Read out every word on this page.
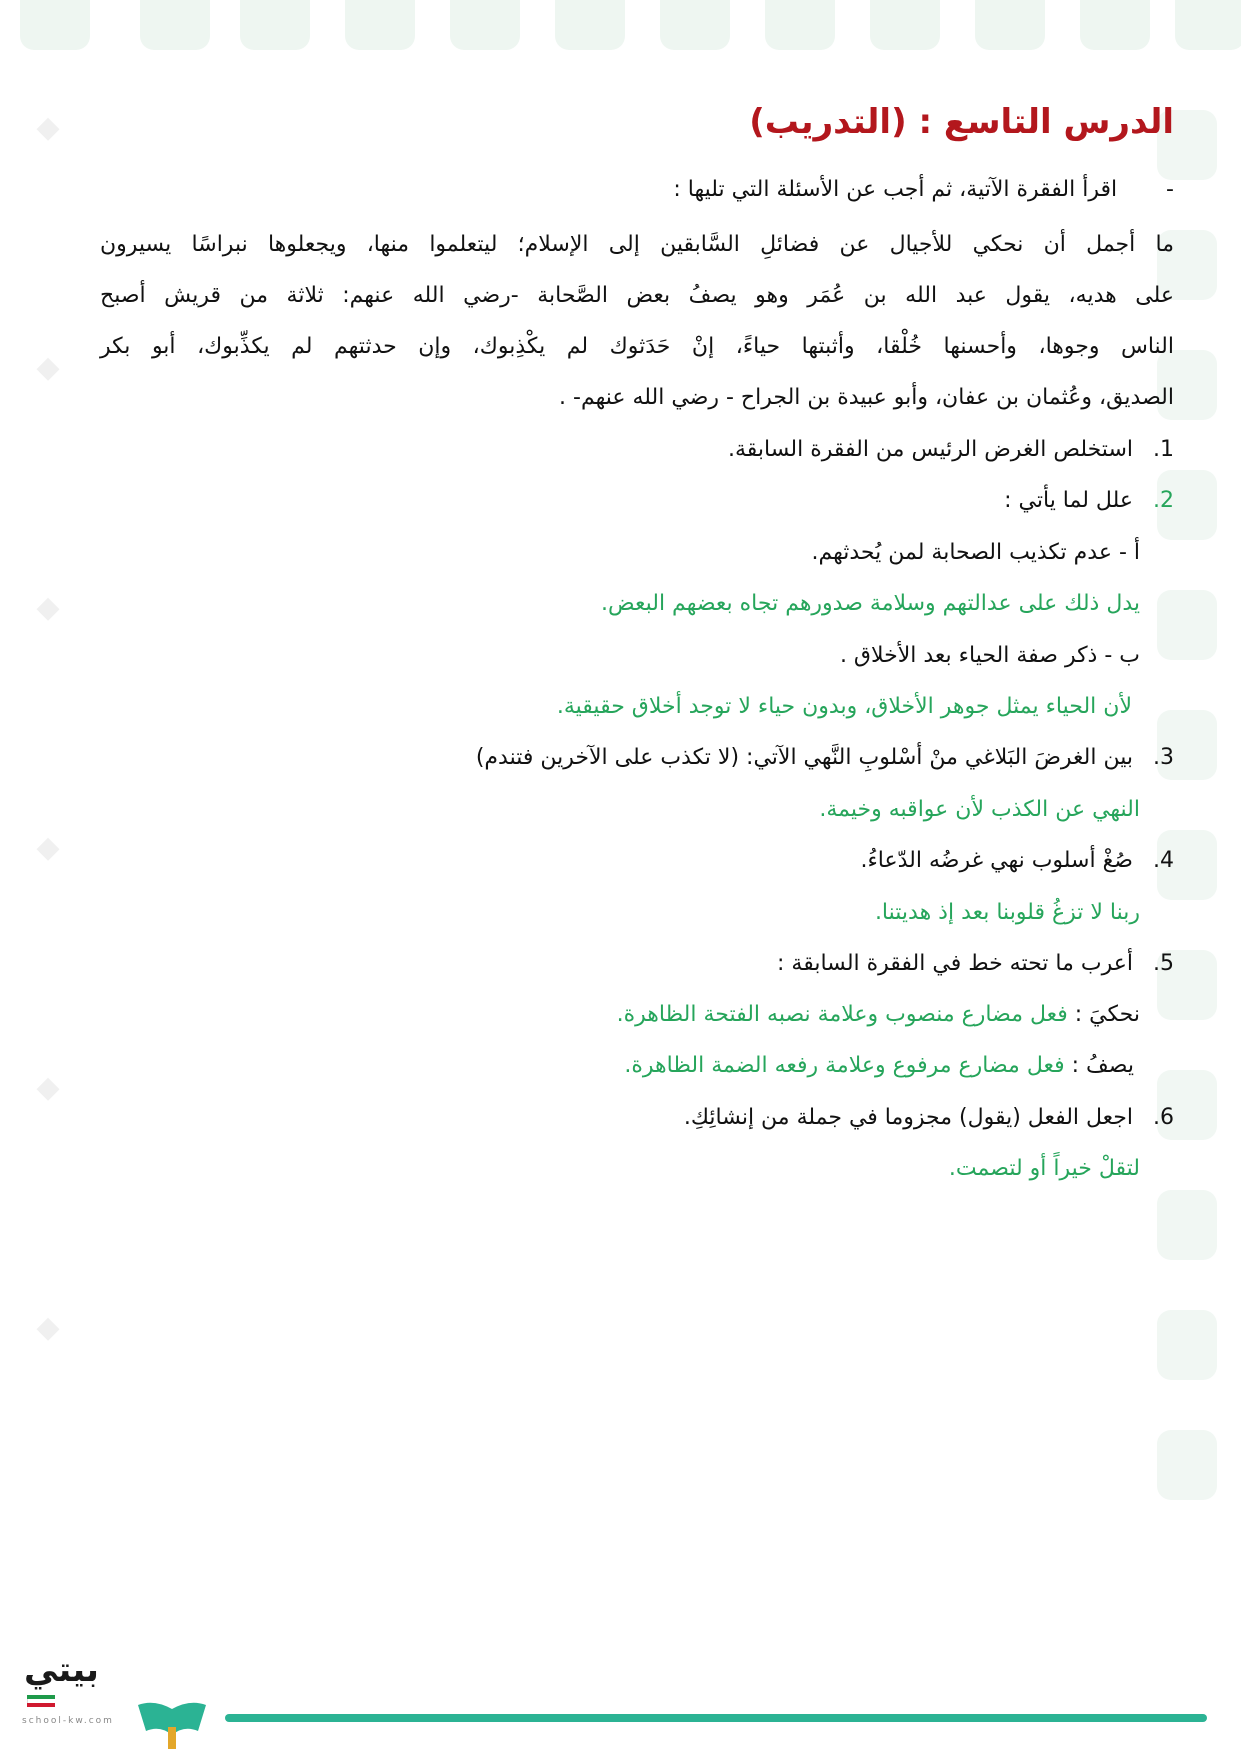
◆
◆
◆
◆
◆
◆
الدرس التاسع : (التدريب)
-       اقرأ الفقرة الآتية، ثم أجب عن الأسئلة التي تليها :
ما أجمل أن نحكي للأجيال عن فضائلِ السَّابقين إلى الإسلام؛ ليتعلموا منها، ويجعلوها نبراسًا يسيرون
على هديه، يقول عبد الله بن عُمَر وهو يصفُ بعض الصَّحابة -رضي الله عنهم: ثلاثة من قريش أصبح
الناس وجوها، وأحسنها خُلْقا، وأثبتها حياءً، إنْ حَدَثوك لم يكْذِبوك، وإن حدثتهم لم يكذِّبوك، أبو بكر
الصديق، وعُثمان بن عفان، وأبو عبيدة بن الجراح - رضي الله عنهم- .
1. استخلص الغرض الرئيس من الفقرة السابقة.
2. علل لما يأتي :
أ - عدم تكذيب الصحابة لمن يُحدثهم.
يدل ذلك على عدالتهم وسلامة صدورهم تجاه بعضهم البعض.
ب - ذكر صفة الحياء بعد الأخلاق .
لأن الحياء يمثل جوهر الأخلاق، وبدون حياء لا توجد أخلاق حقيقية.
3. بين الغرضَ البَلاغي منْ أسْلوبِ النَّهي الآتي: (لا تكذب على الآخرين فتندم)
النهي عن الكذب لأن عواقبه وخيمة.
4. صُغْ أسلوب نهي غرضُه الدّعاءُ.
ربنا لا تزغُ قلوبنا بعد إذ هديتنا.
5. أعرب ما تحته خط في الفقرة السابقة :
نحكيَ : فعل مضارع منصوب وعلامة نصبه الفتحة الظاهرة.
يصفُ : فعل مضارع مرفوع وعلامة رفعه الضمة الظاهرة.
6. اجعل الفعل (يقول) مجزوما في جملة من إنشائِكِ.
لتقلْ خيراً أو لتصمت.
بيتي
school-kw.com
